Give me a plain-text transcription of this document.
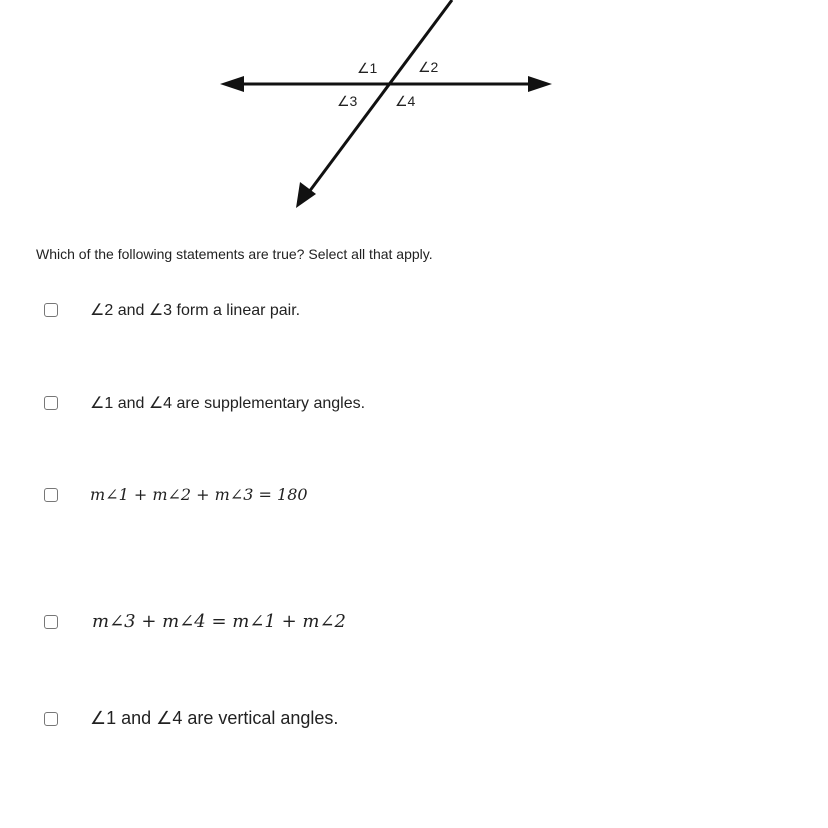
∠1	∠2
∠3	∠4
Which of the following statements are true? Select all that apply.
∠2 and ∠3 form a linear pair.
∠1 and ∠4 are supplementary angles.
m∠1 + m∠2 + m∠3 = 180
m∠3 + m∠4 = m∠1 + m∠2
∠1 and ∠4 are vertical angles.
